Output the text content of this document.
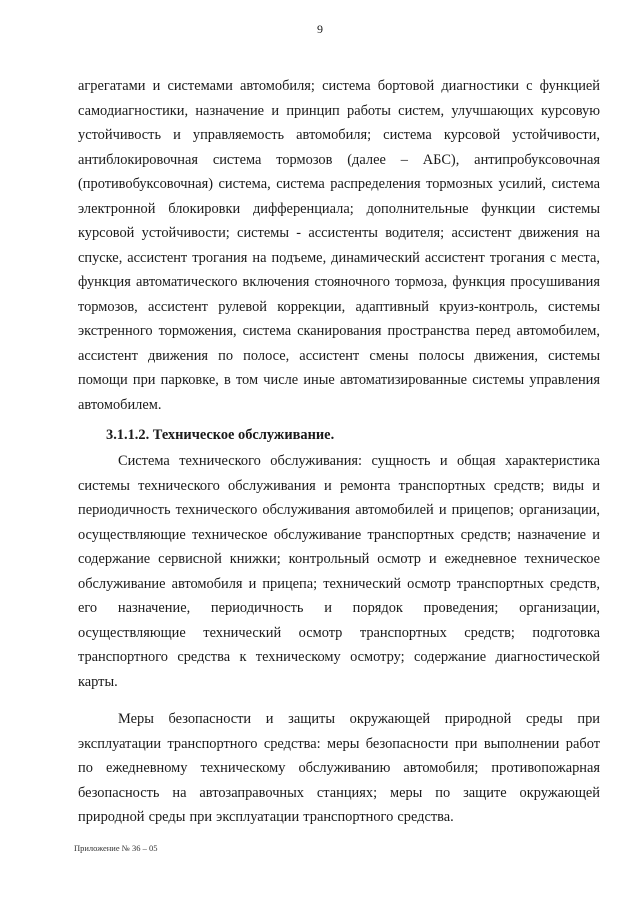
9

агрегатами и системами автомобиля; система бортовой диагностики с функцией самодиагностики, назначение и принцип работы систем, улучшающих курсовую устойчивость и управляемость автомобиля; система курсовой устойчивости, антиблокировочная система тормозов (далее – АБС), антипробуксовочная (противобуксовочная) система, система распределения тормозных усилий, система электронной блокировки дифференциала; дополнительные функции системы курсовой устойчивости; системы - ассистенты водителя; ассистент движения на спуске, ассистент трогания на подъеме, динамический ассистент трогания с места, функция автоматического включения стояночного тормоза, функция просушивания тормозов, ассистент рулевой коррекции, адаптивный круиз-контроль, системы экстренного торможения, система сканирования пространства перед автомобилем, ассистент движения по полосе, ассистент смены полосы движения, системы помощи при парковке, в том числе иные автоматизированные системы управления автомобилем.

3.1.1.2. Техническое обслуживание.

Система технического обслуживания: сущность и общая характеристика системы технического обслуживания и ремонта транспортных средств; виды и периодичность технического обслуживания автомобилей и прицепов; организации, осуществляющие техническое обслуживание транспортных средств; назначение и содержание сервисной книжки; контрольный осмотр и ежедневное техническое обслуживание автомобиля и прицепа; технический осмотр транспортных средств, его назначение, периодичность и порядок проведения; организации, осуществляющие технический осмотр транспортных средств; подготовка транспортного средства к техническому осмотру; содержание диагностической карты.

Меры безопасности и защиты окружающей природной среды при эксплуатации транспортного средства: меры безопасности при выполнении работ по ежедневному техническому обслуживанию автомобиля; противопожарная безопасность на автозаправочных станциях; меры по защите окружающей природной среды при эксплуатации транспортного средства.

Приложение № 36 – 05
